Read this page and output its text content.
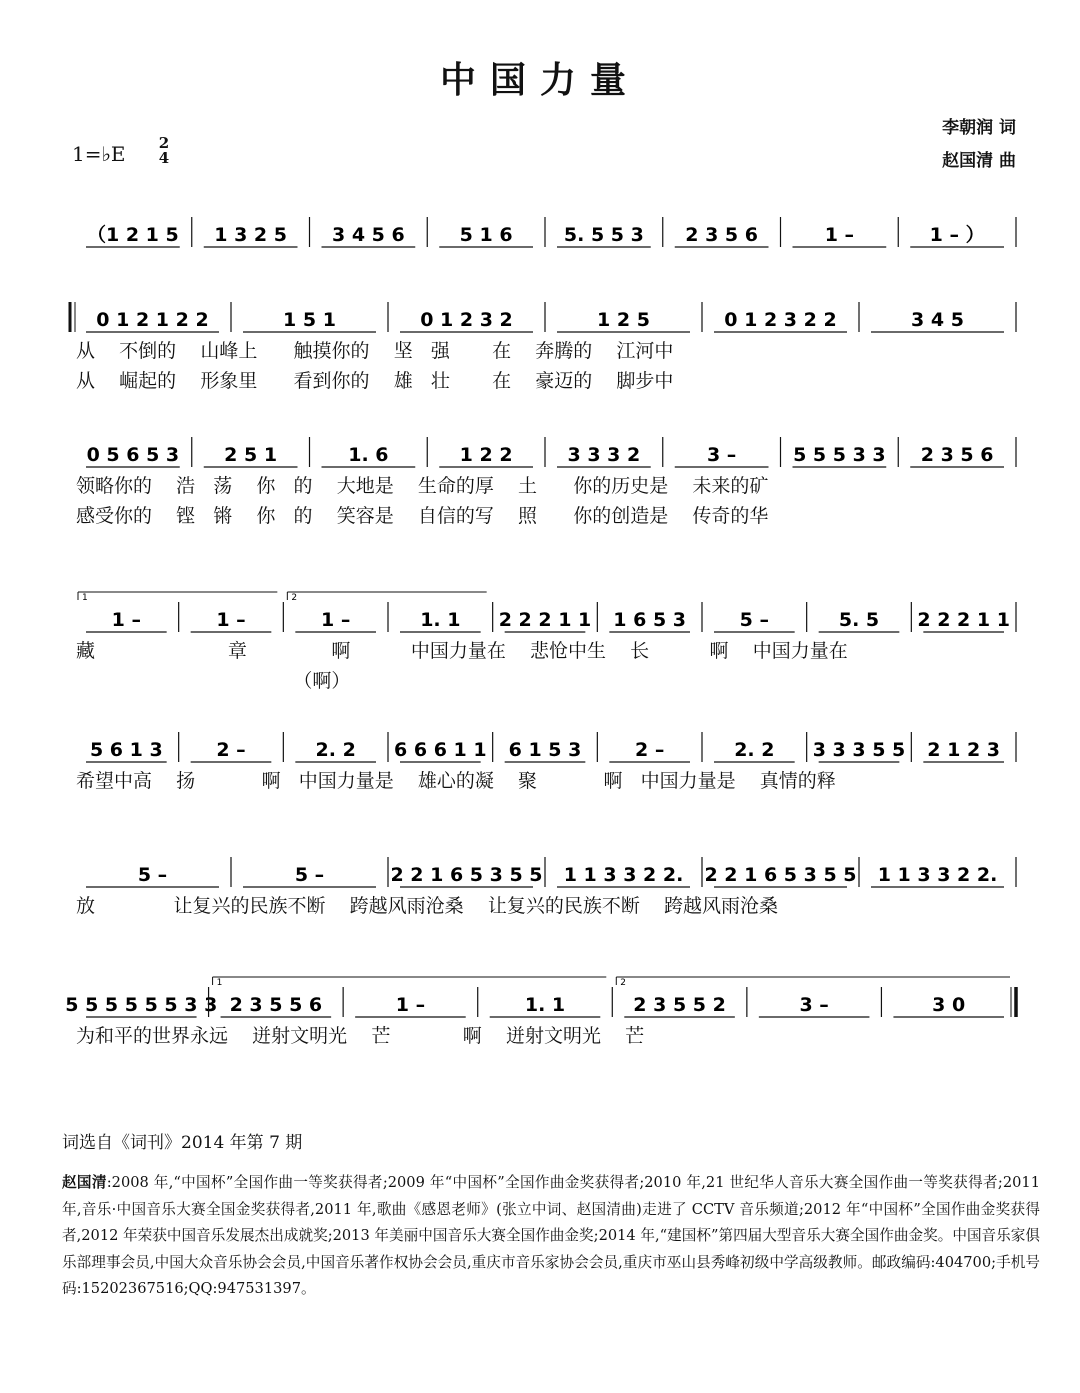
中国力量
李朝润 词
赵国清 曲
1=♭E 2
4
（1 2 1 5 1 3 2 5 3 4 5 6	5 1 6	5. 5 5 3 2 3 5 6	1 –	1 – ）
0 1 2 1 2 2	1 5 1	0 1 2 3 2	1 2 5	0 1 2 3 2 2	3 4 5
从    不倒的    山峰上      触摸你的    坚   强       在    奔腾的    江河中
从    崛起的    形象里      看到你的    雄   壮       在    豪迈的    脚步中
0 5 6 5 3 2 5 1	1. 6	1 2 2	3 3 3 2	3 –	5 5 5 3 3 2 3 5 6
领略你的    浩   荡    你   的    大地是    生命的厚    土      你的历史是    未来的矿
感受你的    铿   锵    你   的    笑容是    自信的写    照      你的创造是    传奇的华
1 –	1 –	1 –	1. 1 2 2 2 1 1 1 6 5 3	5 –	5. 5 2 2 2 1 1
1	2
藏                      章              啊          中国力量在    悲怆中生    长          啊    中国力量在
（啊）
5 6 1 3	2 –	2. 2 6 6 6 1 1 6 1 5 3	2 –	2. 2 3 3 3 5 5 2 1 2 3
希望中高    扬           啊   中国力量是    雄心的凝    聚           啊   中国力量是    真情的释
5 –	5 –	2 2 1 6 5 3 5 5 1 1 3 3 2 2. 2 2 1 6 5 3 5 5 1 1 3 3 2 2.
放             让复兴的民族不断    跨越风雨沧桑    让复兴的民族不断    跨越风雨沧桑
5 5 5 5 5 5 3 3 2 3 5 5 6	1 –	1. 1	2 3 5 5 2	3 –	3 0
1	2
为和平的世界永远    迸射文明光    芒            啊    迸射文明光    芒
词选自《词刊》2014 年第 7 期
赵国清:2008 年,“中国杯”全国作曲一等奖获得者;2009 年“中国杯”全国作曲金奖获得者;2010 年,21 世纪华人音乐大赛全国作曲一等奖获得者;2011 年,音乐·中国音乐大赛全国金奖获得者,2011 年,歌曲《感恩老师》(张立中词、赵国清曲)走进了 CCTV 音乐频道;2012 年“中国杯”全国作曲金奖获得者,2012 年荣获中国音乐发展杰出成就奖;2013 年美丽中国音乐大赛全国作曲金奖;2014 年,“建国杯”第四届大型音乐大赛全国作曲金奖。中国音乐家俱乐部理事会员,中国大众音乐协会会员,中国音乐著作权协会会员,重庆市音乐家协会会员,重庆市巫山县秀峰初级中学高级教师。邮政编码:404700;手机号码:15202367516;QQ:947531397。
